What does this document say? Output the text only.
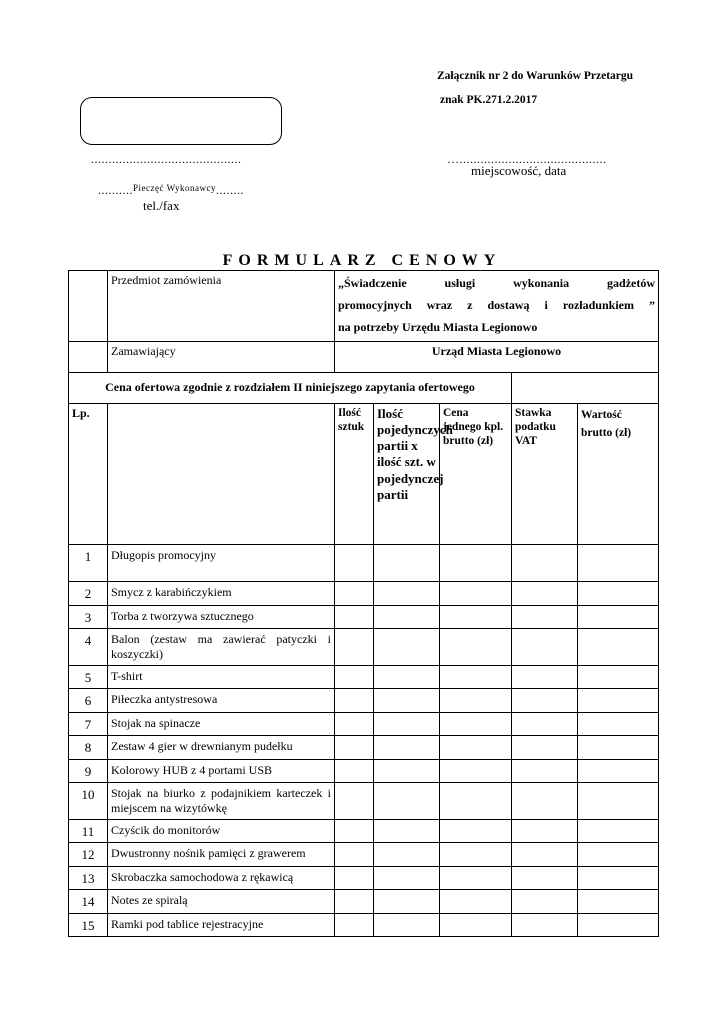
Załącznik nr 2 do Warunków Przetargu
znak PK.271.2.2017
...........................................	…..........................................
miejscowość, data
..........$^{Pieczęć Wykonawcy}$........
tel./fax
FORMULARZ CENOWY
	Przedmiot zamówienia	„Świadczenie usługi wykonania gadżetów
promocyjnych wraz z dostawą i rozładunkiem ”
na potrzeby Urzędu Miasta Legionowo				

	Zamawiający	Urząd Miasta Legionowo				
Cena ofertowa zgodnie z rozdziałem II niniejszego zapytania ofertowego						
Lp.		Ilość sztuk	Ilość pojedynczych partii x ilość szt. w pojedynczej partii	Cena jednego kpl. brutto (zł)	Stawka podatku VAT	Wartość brutto (zł)
1	Długopis promocyjny					
2	Smycz z karabińczykiem					
3	Torba z tworzywa sztucznego					
4	Balon (zestaw ma zawierać patyczki i koszyczki)					
5	T-shirt					
6	Piłeczka antystresowa					
7	Stojak na spinacze					
8	Zestaw 4 gier w drewnianym pudełku					
9	Kolorowy HUB z 4 portami USB					
10	Stojak na biurko z podajnikiem karteczek i miejscem na wizytówkę					
11	Czyścik do monitorów					
12	Dwustronny nośnik pamięci z grawerem					
13	Skrobaczka samochodowa z rękawicą					
14	Notes ze spiralą					
15	Ramki pod tablice rejestracyjne					
